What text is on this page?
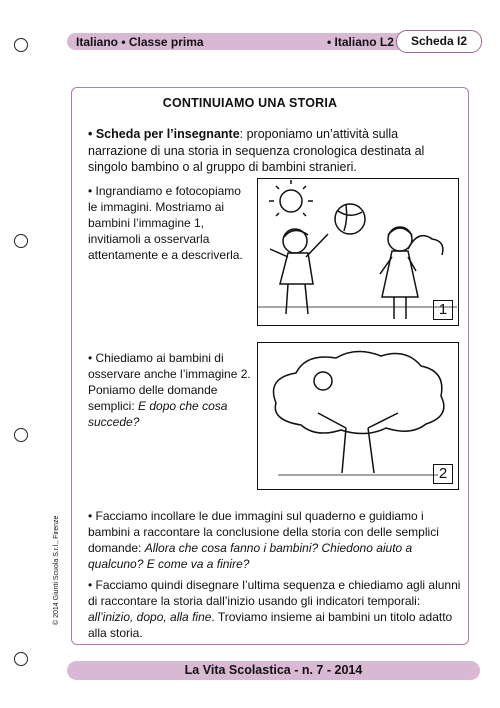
Italiano • Classe prima	• Italiano L2	Scheda I2
CONTINUIAMO UNA STORIA
• Scheda per l’insegnante: proponiamo un’attività sulla narrazione di una storia in sequenza cronologica destinata al singolo bambino o al gruppo di bambini stranieri.
• Ingrandiamo e fotocopiamo le immagini. Mostriamo ai bambini l’immagine 1, invitiamoli a osservarla attentamente e a descriverla.
• Chiediamo ai bambini di osservare anche l’immagine 2. Poniamo delle domande semplici: E dopo che cosa succede?
• Facciamo incollare le due immagini sul quaderno e guidiamo i bambini a raccontare la conclusione della storia con delle semplici domande: Allora che cosa fanno i bambini? Chiedono aiuto a qualcuno? E come va a finire?
• Facciamo quindi disegnare l’ultima sequenza e chiediamo agli alunni di raccontare la storia dall’inizio usando gli indicatori temporali: all’inizio, dopo, alla fine. Troviamo insieme ai bambini un titolo adatto alla storia.
1
2
© 2014 Giunti Scuola S.r.l., Firenze
La Vita Scolastica - n. 7 - 2014
